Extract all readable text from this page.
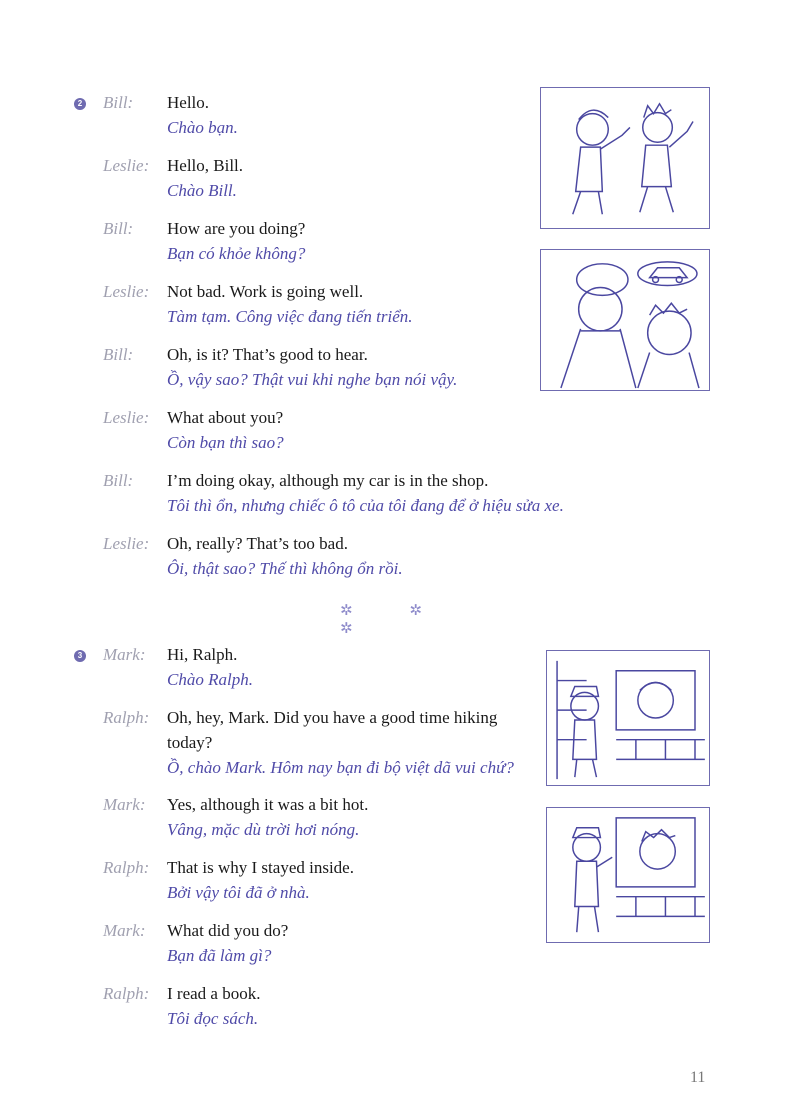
2 Bill: Hello.
Chào bạn.
Leslie: Hello, Bill.
Chào Bill.
Bill: How are you doing?
Bạn có khỏe không?
Leslie: Not bad. Work is going well.
Tàm tạm. Công việc đang tiến triển.
Bill: Oh, is it? That’s good to hear.
Ồ, vậy sao? Thật vui khi nghe bạn nói vậy.
Leslie: What about you?
Còn bạn thì sao?
Bill: I’m doing okay, although my car is in the shop.
Tôi thì ổn, nhưng chiếc ô tô của tôi đang để ở hiệu sửa xe.
Leslie: Oh, really? That’s too bad.
Ôi, thật sao? Thế thì không ổn rồi.
✲ ✲ ✲
3 Mark: Hi, Ralph.
Chào Ralph.
Ralph: Oh, hey, Mark. Did you have a good time hiking
today?
Ồ, chào Mark. Hôm nay bạn đi bộ việt dã vui chứ?
Mark: Yes, although it was a bit hot.
Vâng, mặc dù trời hơi nóng.
Ralph: That is why I stayed inside.
Bởi vậy tôi đã ở nhà.
Mark: What did you do?
Bạn đã làm gì?
Ralph: I read a book.
Tôi đọc sách.
11
